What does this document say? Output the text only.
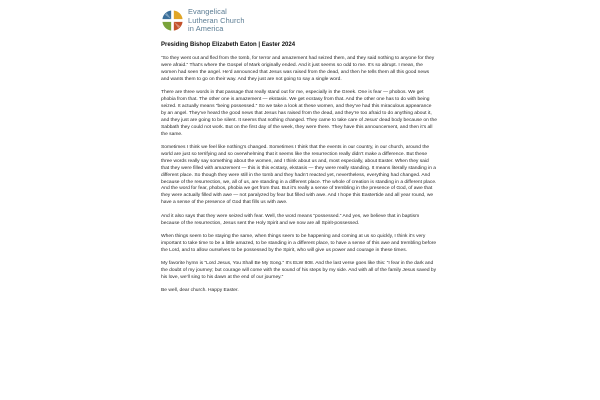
Evangelical
Lutheran Church
in America
Presiding Bishop Elizabeth Eaton | Easter 2024

“So they went out and fled from the tomb, for terror and amazement had seized them, and they said nothing to anyone for they were afraid.” That’s where the Gospel of Mark originally ended. And it just seems so odd to me. It’s so abrupt. I mean, the women had seen the angel. He’d announced that Jesus was raised from the dead, and then he tells them all this good news and wants them to go on their way. And they just are not going to say a single word.

There are three words in that passage that really stand out for me, especially in the Greek. One is fear — phobos. We get phobia from that. The other one is amazement — ekstasis. We get ecstasy from that. And the other one has to do with being seized. It actually means “being possessed.” So we take a look at these women, and they’ve had this miraculous appearance by an angel. They’ve heard the good news that Jesus has raised from the dead, and they’re too afraid to do anything about it, and they just are going to be silent. It seems that nothing changed. They came to take care of Jesus’ dead body because on the Sabbath they could not work. But on the first day of the week, they were there. They have this announcement, and then it’s all the same.

Sometimes I think we feel like nothing’s changed. Sometimes I think that the events in our country, in our church, around the world are just so terrifying and so overwhelming that it seems like the resurrection really didn’t make a difference. But these three words really say something about the women, and I think about us and, most especially, about Easter. When they said that they were filled with amazement — this is this ecstasy, ekstasis — they were really standing. It means literally standing in a different place. So though they were still in the tomb and they hadn’t reacted yet, nevertheless, everything had changed. And because of the resurrection, we, all of us, are standing in a different place. The whole of creation is standing in a different place. And the word for fear, phobos, phobia we get from that. But it’s really a sense of trembling in the presence of God, of awe that they were actually filled with awe — not paralyzed by fear but filled with awe. And I hope this Eastertide and all year round, we have a sense of the presence of God that fills us with awe.

And it also says that they were seized with fear. Well, the word means “possessed.” And yes, we believe that in baptism because of the resurrection, Jesus sent the Holy Spirit and we now are all Spirit-possessed.

When things seem to be staying the same, when things seem to be happening and coming at us so quickly, I think it’s very important to take time to be a little amazed, to be standing in a different place, to have a sense of this awe and trembling before the Lord, and to allow ourselves to be possessed by the Spirit, who will give us power and courage in these times.

My favorite hymn is “Lord Jesus, You Shall Be My Song.” It’s ELW 808. And the last verse goes like this: “I fear in the dark and the doubt of my journey; but courage will come with the sound of his steps by my side. And with all of the family Jesus saved by his love, we’ll sing to his dawn at the end of our journey.”

Be well, dear church. Happy Easter.
